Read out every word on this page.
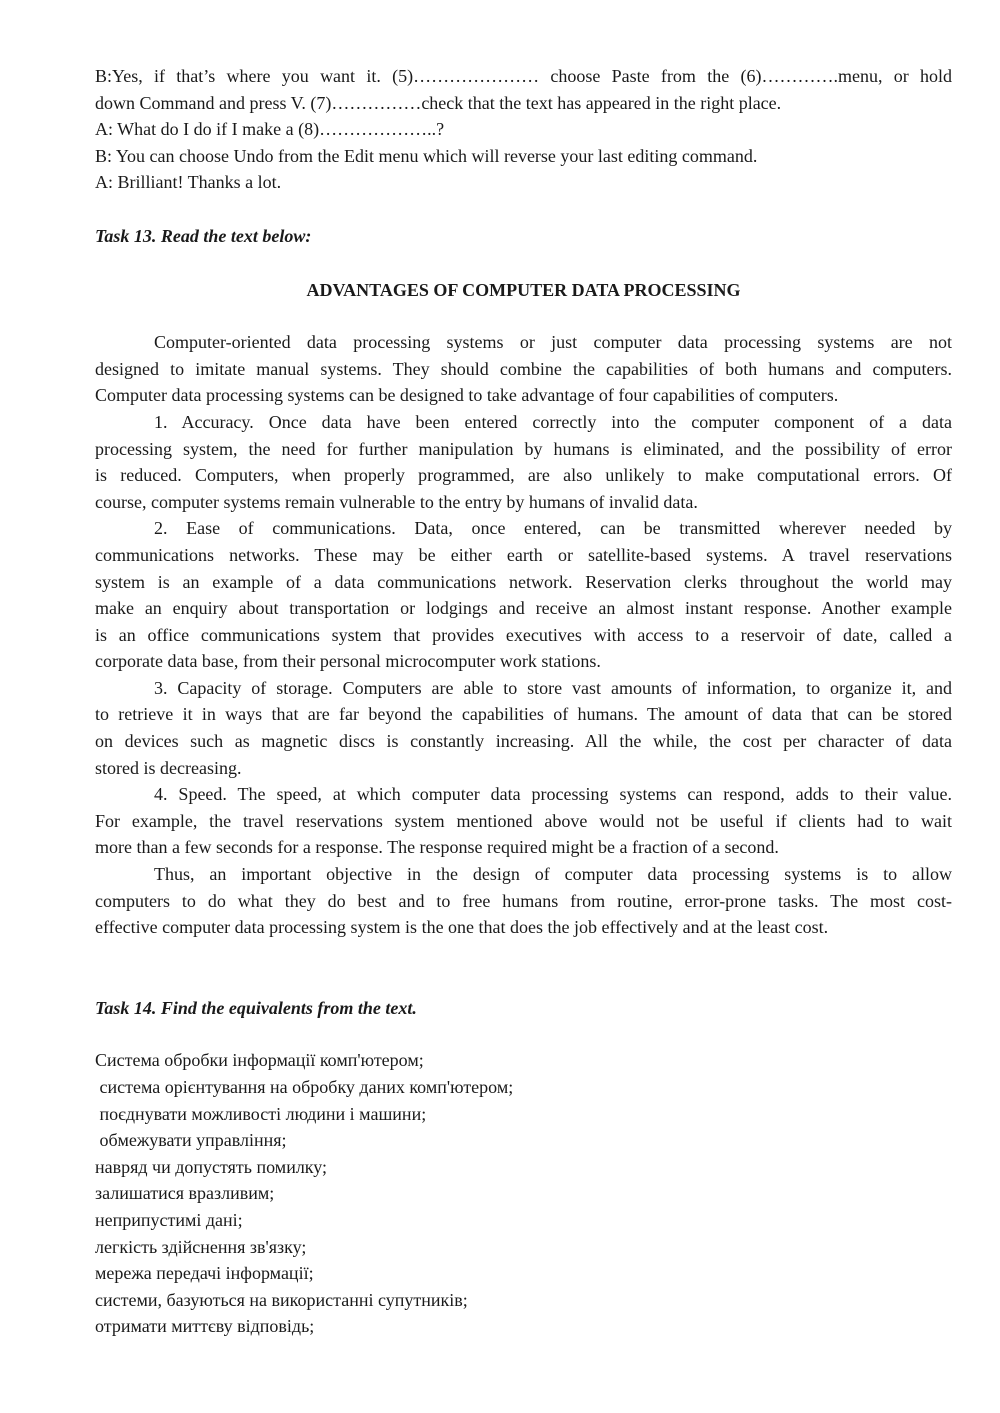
B:Yes, if that’s where you want it. (5)………………… choose Paste from the (6)………….menu, or hold
down Command and press V. (7)……………check that the text has appeared in the right place.
A: What do I do if I make a (8)………………..?
B: You can choose Undo from the Edit menu which will reverse your last editing command.
A: Brilliant! Thanks a lot.
Task 13. Read the text below:
ADVANTAGES OF COMPUTER DATA PROCESSING
Computer-oriented data processing systems or just computer data processing systems are not
designed to imitate manual systems. They should combine the capabilities of both humans and computers.
Computer data processing systems can be designed to take advantage of four capabilities of computers.
1. Accuracy. Once data have been entered correctly into the computer component of a data
processing system, the need for further manipulation by humans is eliminated, and the possibility of error
is reduced. Computers, when properly programmed, are also unlikely to make computational errors. Of
course, computer systems remain vulnerable to the entry by humans of invalid data.
2. Ease of communications. Data, once entered, can be transmitted wherever needed by
communications networks. These may be either earth or satellite-based systems. A travel reservations
system is an example of a data communications network. Reservation clerks throughout the world may
make an enquiry about transportation or lodgings and receive an almost instant response. Another example
is an office communications system that provides executives with access to a reservoir of date, called a
corporate data base, from their personal microcomputer work stations.
3. Capacity of storage. Computers are able to store vast amounts of information, to organize it, and
to retrieve it in ways that are far beyond the capabilities of humans. The amount of data that can be stored
on devices such as magnetic discs is constantly increasing. All the while, the cost per character of data
stored is decreasing.
4. Speed. The speed, at which computer data processing systems can respond, adds to their value.
For example, the travel reservations system mentioned above would not be useful if clients had to wait
more than a few seconds for a response. The response required might be a fraction of a second.
Thus, an important objective in the design of computer data processing systems is to allow
computers to do what they do best and to free humans from routine, error-prone tasks. The most cost-
effective computer data processing system is the one that does the job effectively and at the least cost.
Task 14. Find the equivalents from the text.
Система обробки інформації комп'ютером;
система орієнтування на обробку даних комп'ютером;
поєднувати можливості людини і машини;
обмежувати управління;
навряд чи допустять помилку;
залишатися вразливим;
неприпустимі дані;
легкість здійснення зв'язку;
мережа передачі інформації;
системи, базуються на використанні супутників;
отримати миттєву відповідь;
